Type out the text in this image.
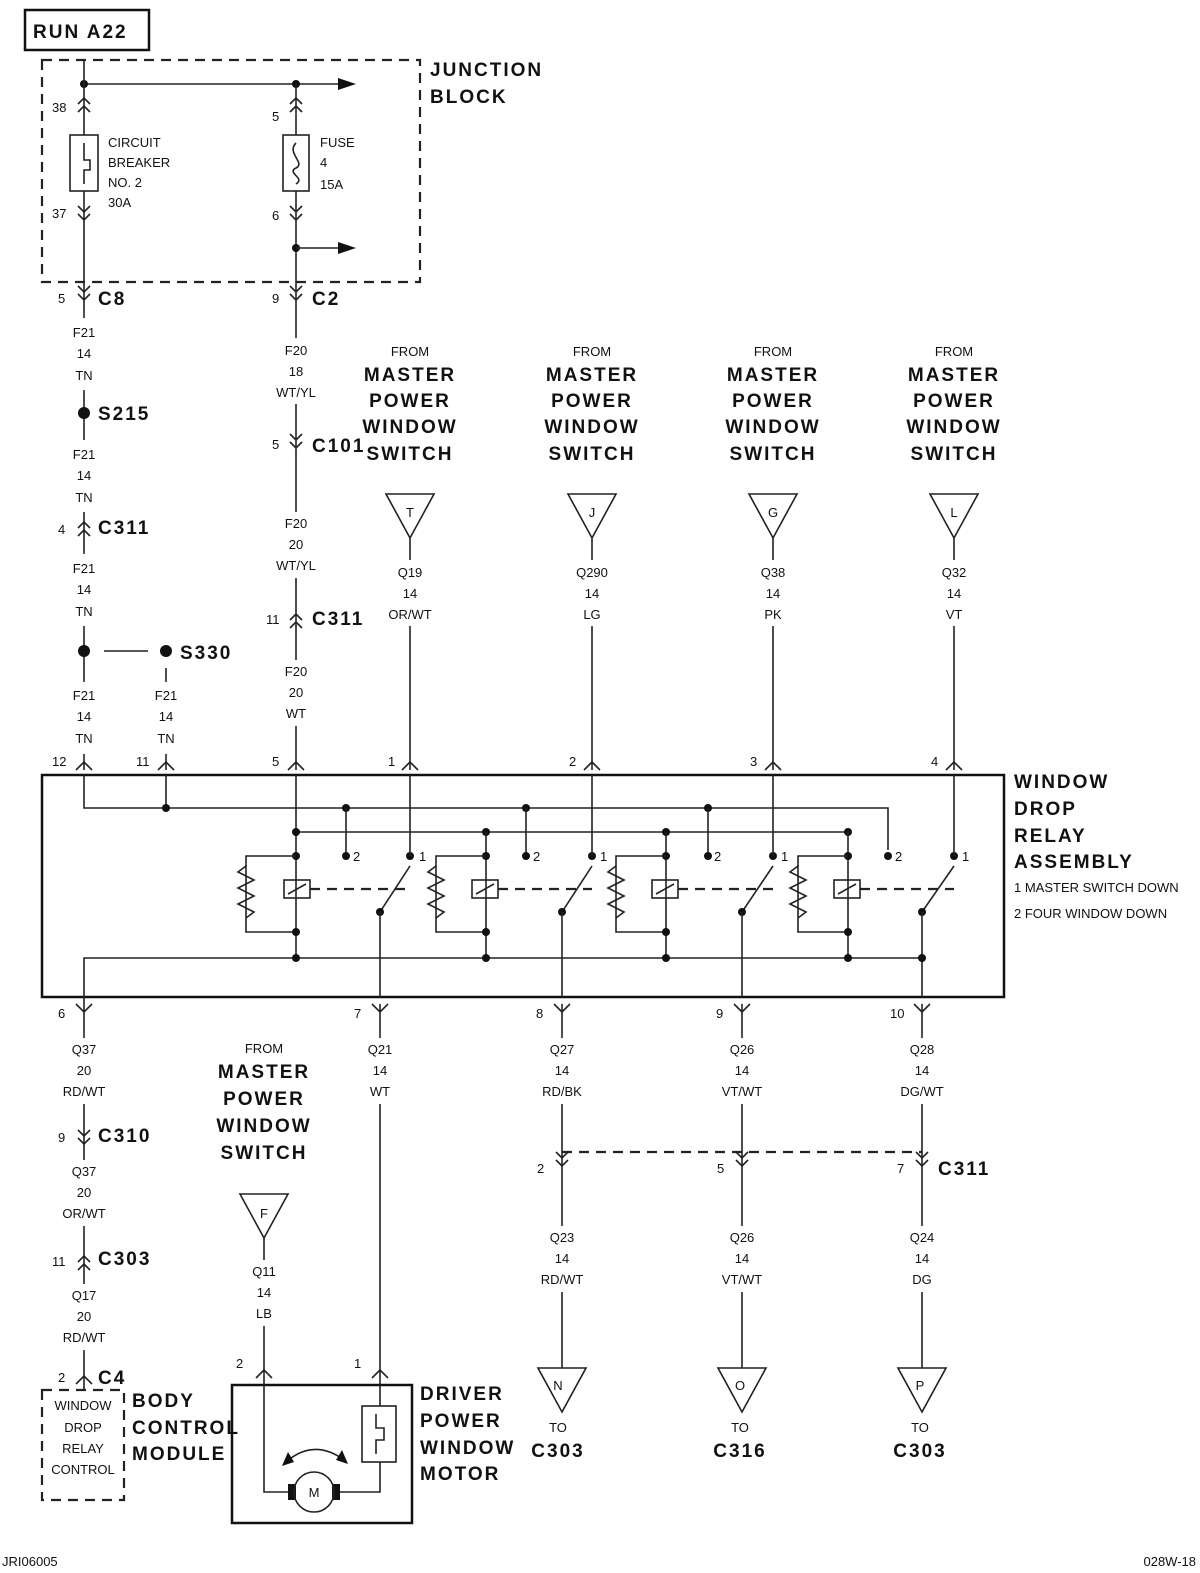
RUN A22
JUNCTION
BLOCK
38
CIRCUIT
BREAKER
NO. 2
30A
37
5
FUSE
4
15A
6
5 C8
F21
14
TN
S215
F21
14
TN
4 C311
F21
14
TN
S330
F21
14
TN
F21
14
TN
9 C2
F20
18
WT/YL
5 C101
F20
20
WT/YL
11 C311
F20
20
WT
FROM
MASTER
POWER
WINDOW
SWITCH
T
Q19
14
OR/WT
FROM
MASTER
POWER
WINDOW
SWITCH
J
Q290
14
LG
FROM
MASTER
POWER
WINDOW
SWITCH
G
Q38
14
PK
FROM
MASTER
POWER
WINDOW
SWITCH
L
Q32
14
VT
12	11	5	1	2	3	4
WINDOW
DROP
RELAY
ASSEMBLY
1 MASTER SWITCH DOWN
2 FOUR WINDOW DOWN
2	1	2	1	2	1	2	1
6	7	8	9	10
Q37
20
RD/WT
9 C310
Q37
20
OR/WT
11 C303
Q17
20
RD/WT
2 C4
WINDOW
DROP
RELAY
CONTROL
BODY
CONTROL
MODULE
FROM
MASTER
POWER
WINDOW
SWITCH
F
Q11
14
LB
2
Q21
14
WT
1
M
DRIVER
POWER
WINDOW
MOTOR
Q27
14
RD/BK
Q26
14
VT/WT
Q28
14
DG/WT
2	5	7 C311
Q23
14
RD/WT
Q26
14
VT/WT
Q24
14
DG
N
TO
C303
O
TO
C316
P
TO
C303
JRI06005	028W-18
